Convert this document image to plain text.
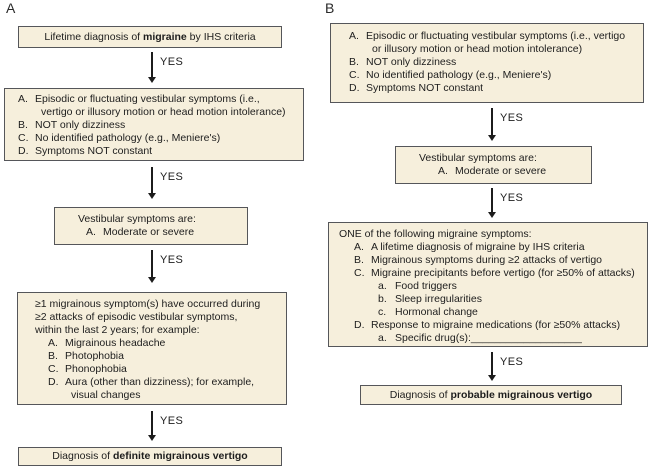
A
Lifetime diagnosis of migraine by IHS criteria
YES
A. Episodic or fluctuating vestibular symptoms (i.e.,
vertigo or illusory motion or head motion intolerance)
B. NOT only dizziness
C. No identified pathology (e.g., Meniere's)
D. Symptoms NOT constant
YES
Vestibular symptoms are:
A. Moderate or severe
YES
≥1 migrainous symptom(s) have occurred during
≥2 attacks of episodic vestibular symptoms,
within the last 2 years; for example:
A. Migrainous headache
B. Photophobia
C. Phonophobia
D. Aura (other than dizziness); for example,
visual changes
YES
Diagnosis of definite migrainous vertigo
B
A. Episodic or fluctuating vestibular symptoms (i.e., vertigo
or illusory motion or head motion intolerance)
B. NOT only dizziness
C. No identified pathology (e.g., Meniere's)
D. Symptoms NOT constant
YES
Vestibular symptoms are:
A. Moderate or severe
YES
ONE of the following migraine symptoms:
A. A lifetime diagnosis of migraine by IHS criteria
B. Migrainous symptoms during ≥2 attacks of vertigo
C. Migraine precipitants before vertigo (for ≥50% of attacks)
a. Food triggers
b. Sleep irregularities
c. Hormonal change
D. Response to migraine medications (for ≥50% attacks)
a. Specific drug(s):___________________
YES
Diagnosis of probable migrainous vertigo
